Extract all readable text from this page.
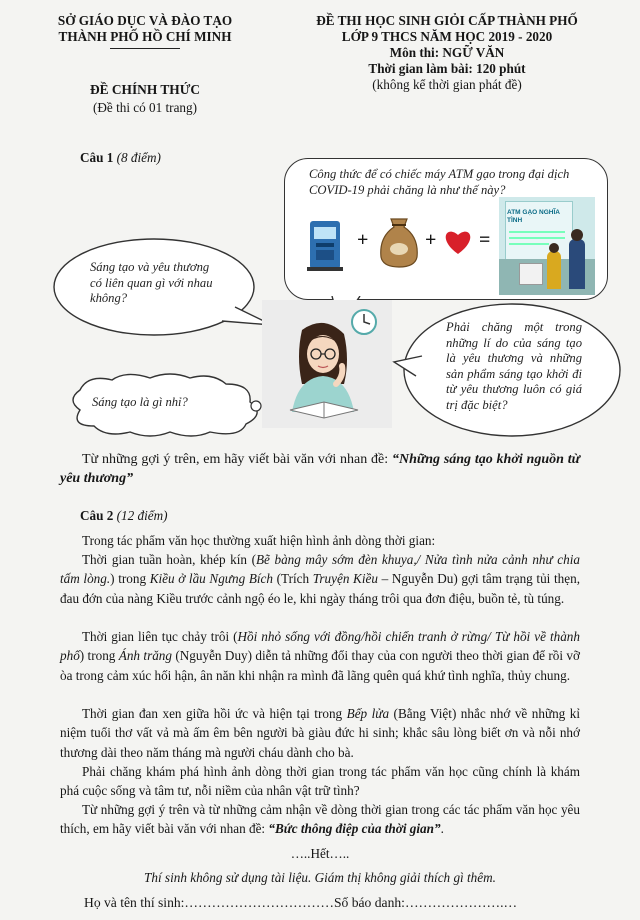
SỞ GIÁO DỤC VÀ ĐÀO TẠO
THÀNH PHỐ HỒ CHÍ MINH
ĐỀ CHÍNH THỨC
(Đề thi có 01 trang)
ĐỀ THI HỌC SINH GIỎI CẤP THÀNH PHỐ
LỚP 9 THCS NĂM HỌC 2019 - 2020
Môn thi: NGỮ VĂN
Thời gian làm bài: 120 phút
(không kể thời gian phát đề)
Câu 1 (8 điểm)
Công thức để có chiếc máy ATM gạo trong đại dịch COVID-19 phải chăng là như thế này?
+	+ =
ATM GẠO NGHĨA TÌNH
Sáng tạo và yêu thương có liên quan gì với nhau không?
Sáng tạo là gì nhỉ?
Phải chăng một trong những lí do của sáng tạo là yêu thương và những sản phẩm sáng tạo khởi đi từ yêu thương luôn có giá trị đặc biệt?
Từ những gợi ý trên, em hãy viết bài văn với nhan đề: “Những sáng tạo khởi nguồn từ yêu thương”
Câu 2 (12 điểm)
Trong tác phẩm văn học thường xuất hiện hình ảnh dòng thời gian:
Thời gian tuần hoàn, khép kín (Bẽ bàng mây sớm đèn khuya,/ Nửa tình nửa cảnh như chia tấm lòng.) trong Kiều ở lầu Ngưng Bích (Trích Truyện Kiều – Nguyễn Du) gợi tâm trạng tủi thẹn, đau đớn của nàng Kiều trước cảnh ngộ éo le, khi ngày tháng trôi qua đơn điệu, buồn tẻ, tù túng.
Thời gian liên tục chảy trôi (Hồi nhỏ sống với đồng/hồi chiến tranh ở rừng/ Từ hồi về thành phố) trong Ánh trăng (Nguyễn Duy) diễn tả những đổi thay của con người theo thời gian để rồi vỡ òa trong cảm xúc hối hận, ân năn khi nhận ra mình đã lãng quên quá khứ tình nghĩa, thủy chung.
Thời gian đan xen giữa hồi ức và hiện tại trong Bếp lửa (Bằng Việt) nhắc nhớ về những kỉ niệm tuổi thơ vất vả mà ấm êm bên người bà giàu đức hi sinh; khắc sâu lòng biết ơn và nỗi nhớ thương dài theo năm tháng mà người cháu dành cho bà.
Phải chăng khám phá hình ảnh dòng thời gian trong tác phẩm văn học cũng chính là khám phá cuộc sống và tâm tư, nỗi niềm của nhân vật trữ tình?
Từ những gợi ý trên và từ những cảm nhận về dòng thời gian trong các tác phẩm văn học yêu thích, em hãy viết bài văn với nhan đề: “Bức thông điệp của thời gian”.
…..Hết…..
Thí sinh không sử dụng tài liệu. Giám thị không giải thích gì thêm.
Họ và tên thí sinh:……………………………Số báo danh:………………….…
